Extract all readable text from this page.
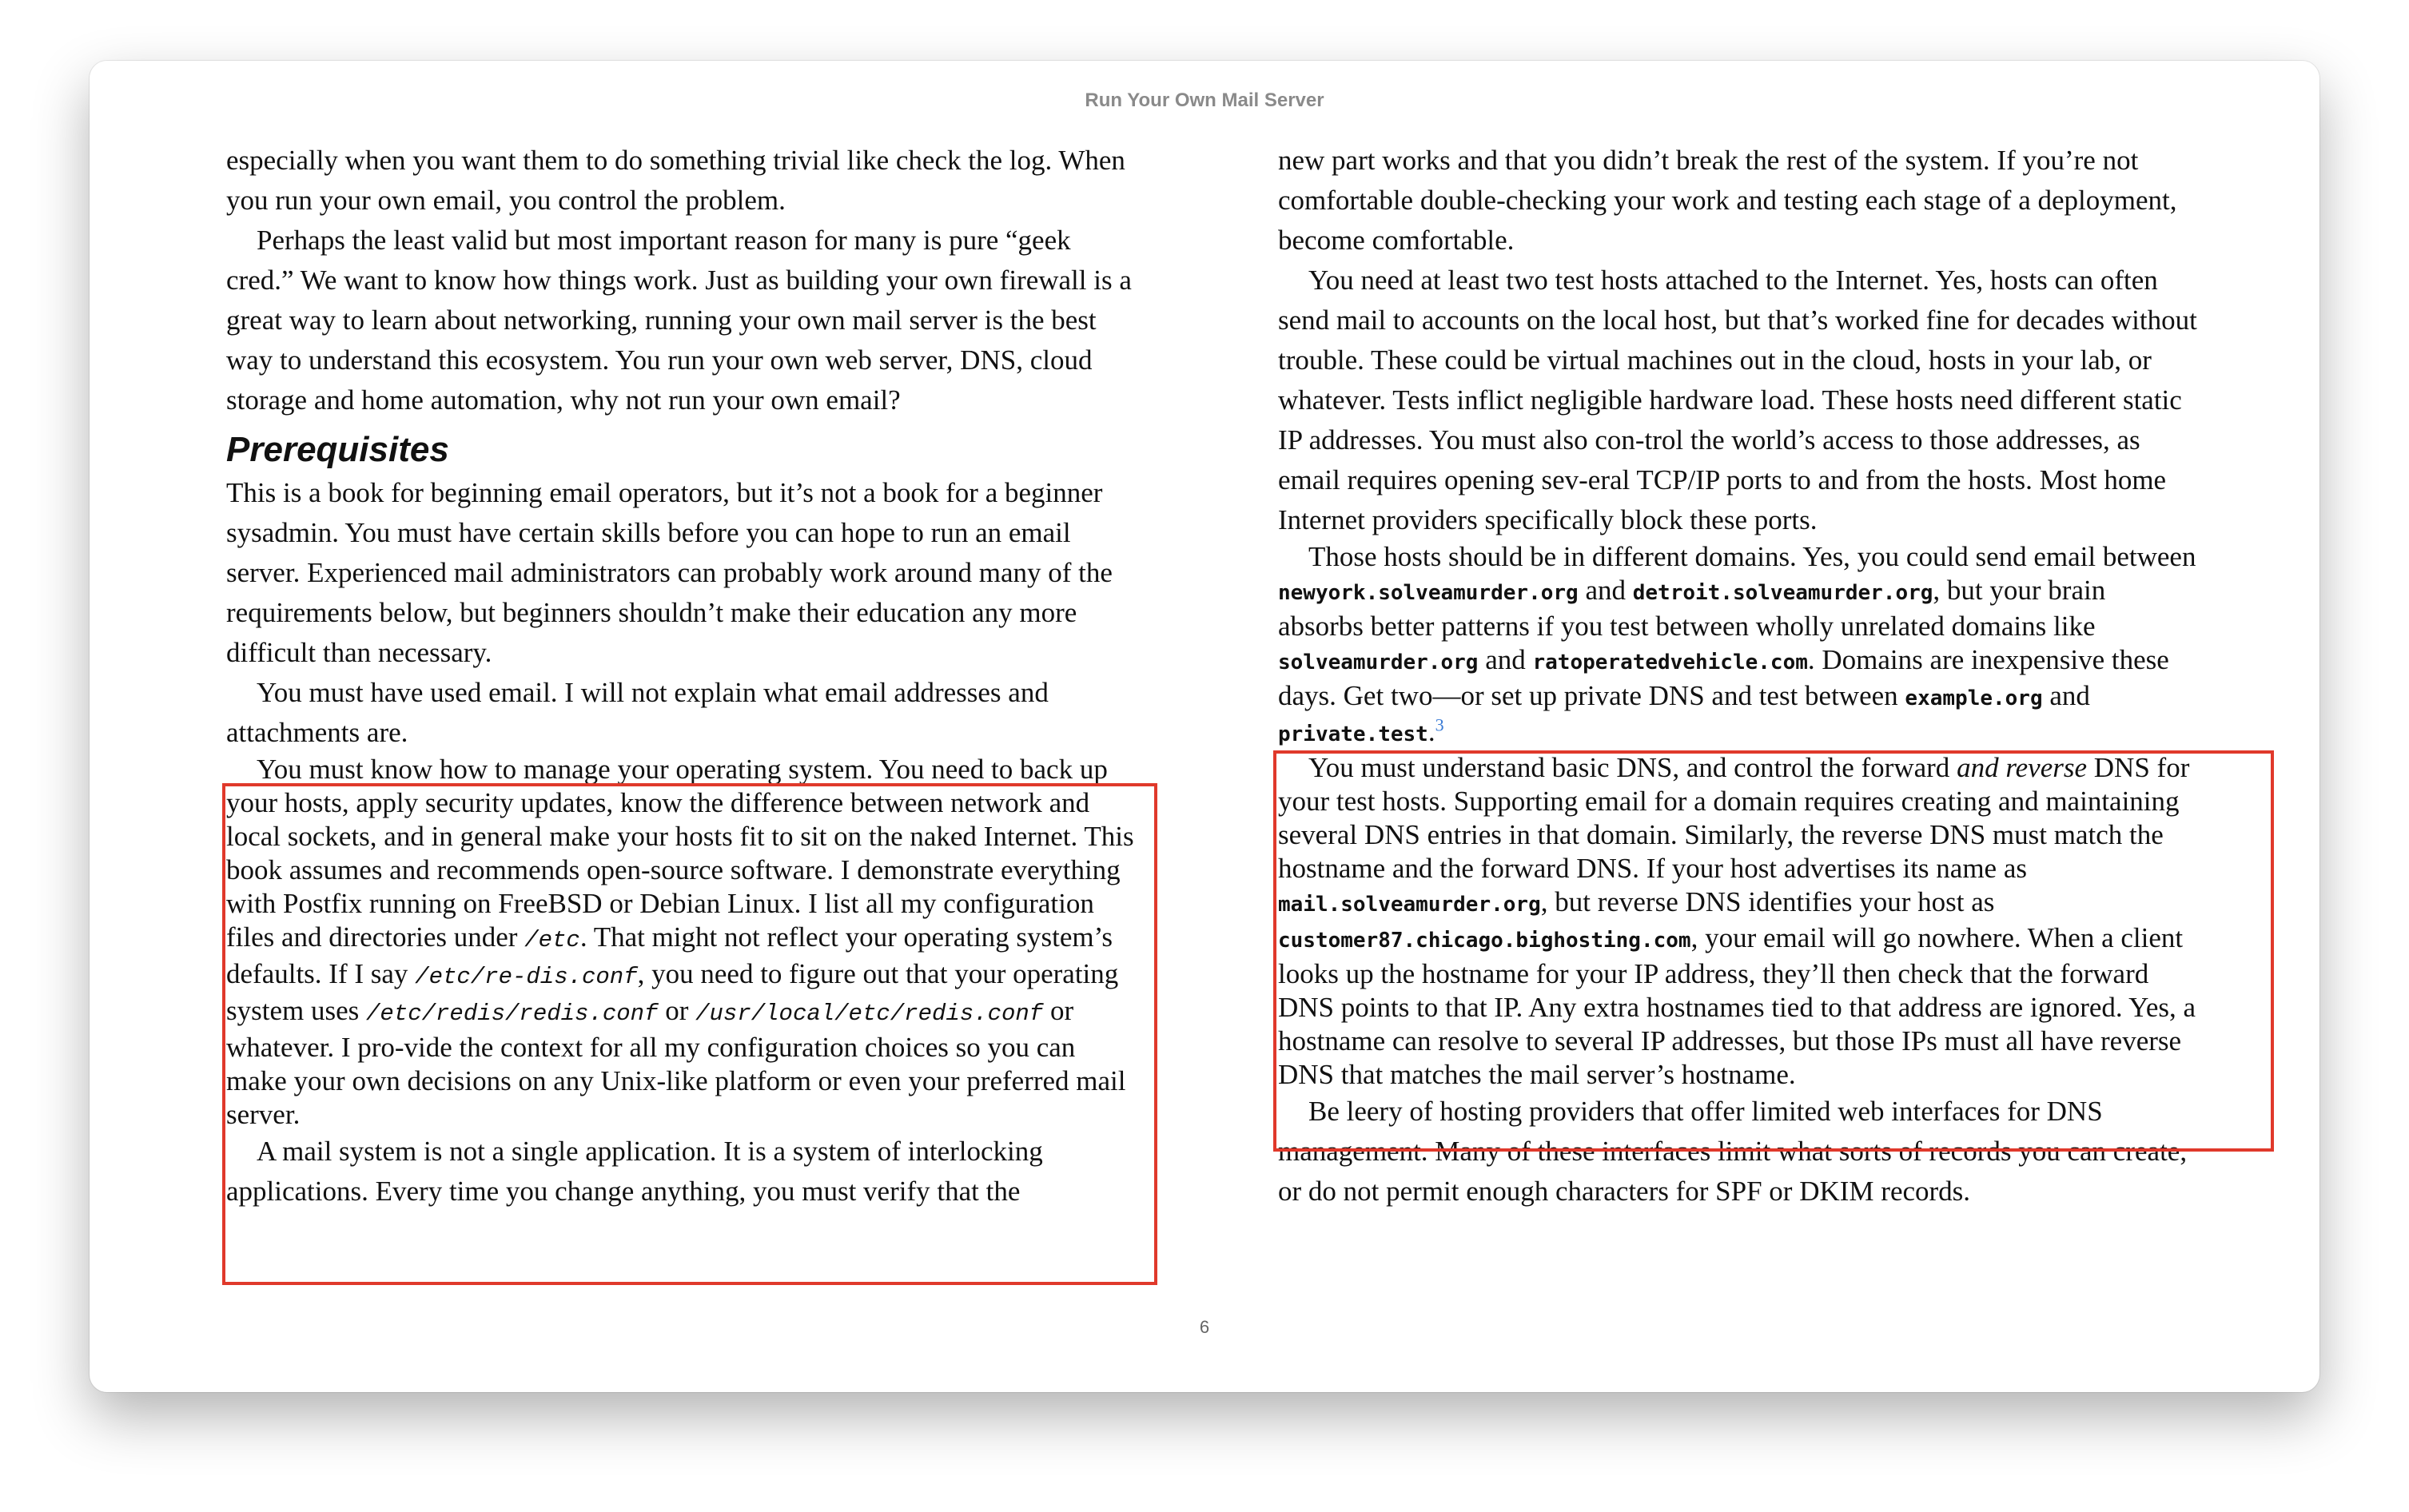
Run Your Own Mail Server

especially when you want them to do something trivial like check the log. When you run your own email, you control the problem.

Perhaps the least valid but most important reason for many is pure “geek cred.” We want to know how things work. Just as building your own firewall is a great way to learn about networking, running your own mail server is the best way to understand this ecosystem. You run your own web server, DNS, cloud storage and home automation, why not run your own email?

Prerequisites

This is a book for beginning email operators, but it’s not a book for a beginner sysadmin. You must have certain skills before you can hope to run an email server. Experienced mail administrators can probably work around many of the requirements below, but beginners shouldn’t make their education any more difficult than necessary.

You must have used email. I will not explain what email addresses and attachments are.

You must know how to manage your operating system. You need to back up your hosts, apply security updates, know the difference between network and local sockets, and in general make your hosts fit to sit on the naked Internet. This book assumes and recommends open-source software. I demonstrate everything with Postfix running on FreeBSD or Debian Linux. I list all my configuration files and directories under /etc. That might not reflect your operating system’s defaults. If I say /etc/re-dis.conf, you need to figure out that your operating system uses /etc/redis/redis.conf or /usr/local/etc/redis.conf or whatever. I pro-vide the context for all my configuration choices so you can make your own decisions on any Unix-like platform or even your preferred mail server.

A mail system is not a single application. It is a system of interlocking applications. Every time you change anything, you must verify that the

new part works and that you didn’t break the rest of the system. If you’re not comfortable double-checking your work and testing each stage of a deployment, become comfortable.

You need at least two test hosts attached to the Internet. Yes, hosts can often send mail to accounts on the local host, but that’s worked fine for decades without trouble. These could be virtual machines out in the cloud, hosts in your lab, or whatever. Tests inflict negligible hardware load. These hosts need different static IP addresses. You must also con-trol the world’s access to those addresses, as email requires opening sev-eral TCP/IP ports to and from the hosts. Most home Internet providers specifically block these ports.

Those hosts should be in different domains. Yes, you could send email between newyork.solveamurder.org and detroit.solveamurder.org, but your brain absorbs better patterns if you test between wholly unrelated domains like solveamurder.org and ratoperatedvehicle.com. Domains are inexpensive these days. Get two—or set up private DNS and test between example.org and private.test.$^3$

You must understand basic DNS, and control the forward and reverse DNS for your test hosts. Supporting email for a domain requires creating and maintaining several DNS entries in that domain. Similarly, the reverse DNS must match the hostname and the forward DNS. If your host advertises its name as mail.solveamurder.org, but reverse DNS identifies your host as customer87.chicago.bighosting.com, your email will go nowhere. When a client looks up the hostname for your IP address, they’ll then check that the forward DNS points to that IP. Any extra hostnames tied to that address are ignored. Yes, a hostname can resolve to several IP addresses, but those IPs must all have reverse DNS that matches the mail server’s hostname.

Be leery of hosting providers that offer limited web interfaces for DNS management. Many of these interfaces limit what sorts of records you can create, or do not permit enough characters for SPF or DKIM records.

6
